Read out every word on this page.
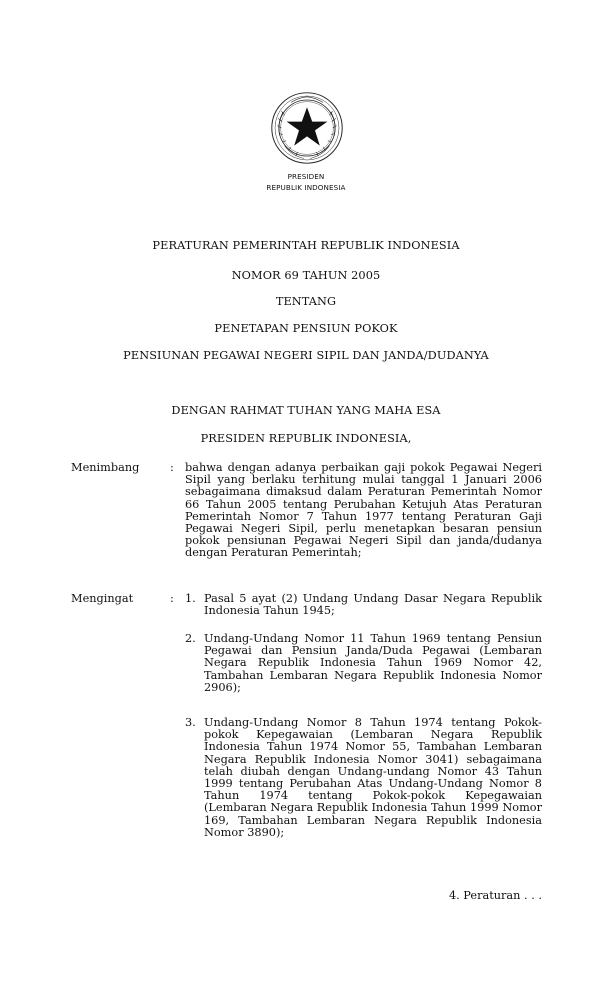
PRESIDEN
REPUBLIK INDONESIA
PERATURAN PEMERINTAH REPUBLIK INDONESIA
NOMOR 69 TAHUN 2005
TENTANG
PENETAPAN PENSIUN POKOK
PENSIUNAN PEGAWAI NEGERI SIPIL DAN JANDA/DUDANYA
DENGAN RAHMAT TUHAN YANG MAHA ESA
PRESIDEN REPUBLIK INDONESIA,
Menimbang	: bahwa dengan adanya perbaikan gaji pokok Pegawai Negeri Sipil yang berlaku terhitung mulai tanggal 1 Januari 2006 sebagaimana dimaksud dalam Peraturan Pemerintah Nomor 66 Tahun 2005 tentang Perubahan Ketujuh Atas Peraturan Pemerintah Nomor 7 Tahun 1977 tentang Peraturan Gaji Pegawai Negeri Sipil, perlu menetapkan besaran pensiun pokok pensiunan Pegawai Negeri Sipil dan janda/dudanya dengan Peraturan Pemerintah;
Mengingat	: 1. Pasal 5 ayat (2) Undang Undang Dasar Negara Republik Indonesia Tahun 1945;
2. Undang-Undang Nomor 11 Tahun 1969 tentang Pensiun Pegawai dan Pensiun Janda/Duda Pegawai (Lembaran Negara Republik Indonesia Tahun 1969 Nomor 42, Tambahan Lembaran Negara Republik Indonesia Nomor 2906);
3. Undang-Undang Nomor 8 Tahun 1974 tentang Pokok-pokok Kepegawaian (Lembaran Negara Republik Indonesia Tahun 1974 Nomor 55, Tambahan Lembaran Negara Republik Indonesia Nomor 3041) sebagaimana telah diubah dengan Undang-undang Nomor 43 Tahun 1999 tentang Perubahan Atas Undang-Undang Nomor 8 Tahun 1974 tentang Pokok-pokok Kepegawaian (Lembaran Negara Republik Indonesia Tahun 1999 Nomor 169, Tambahan Lembaran Negara Republik Indonesia Nomor 3890);
4. Peraturan . . .
